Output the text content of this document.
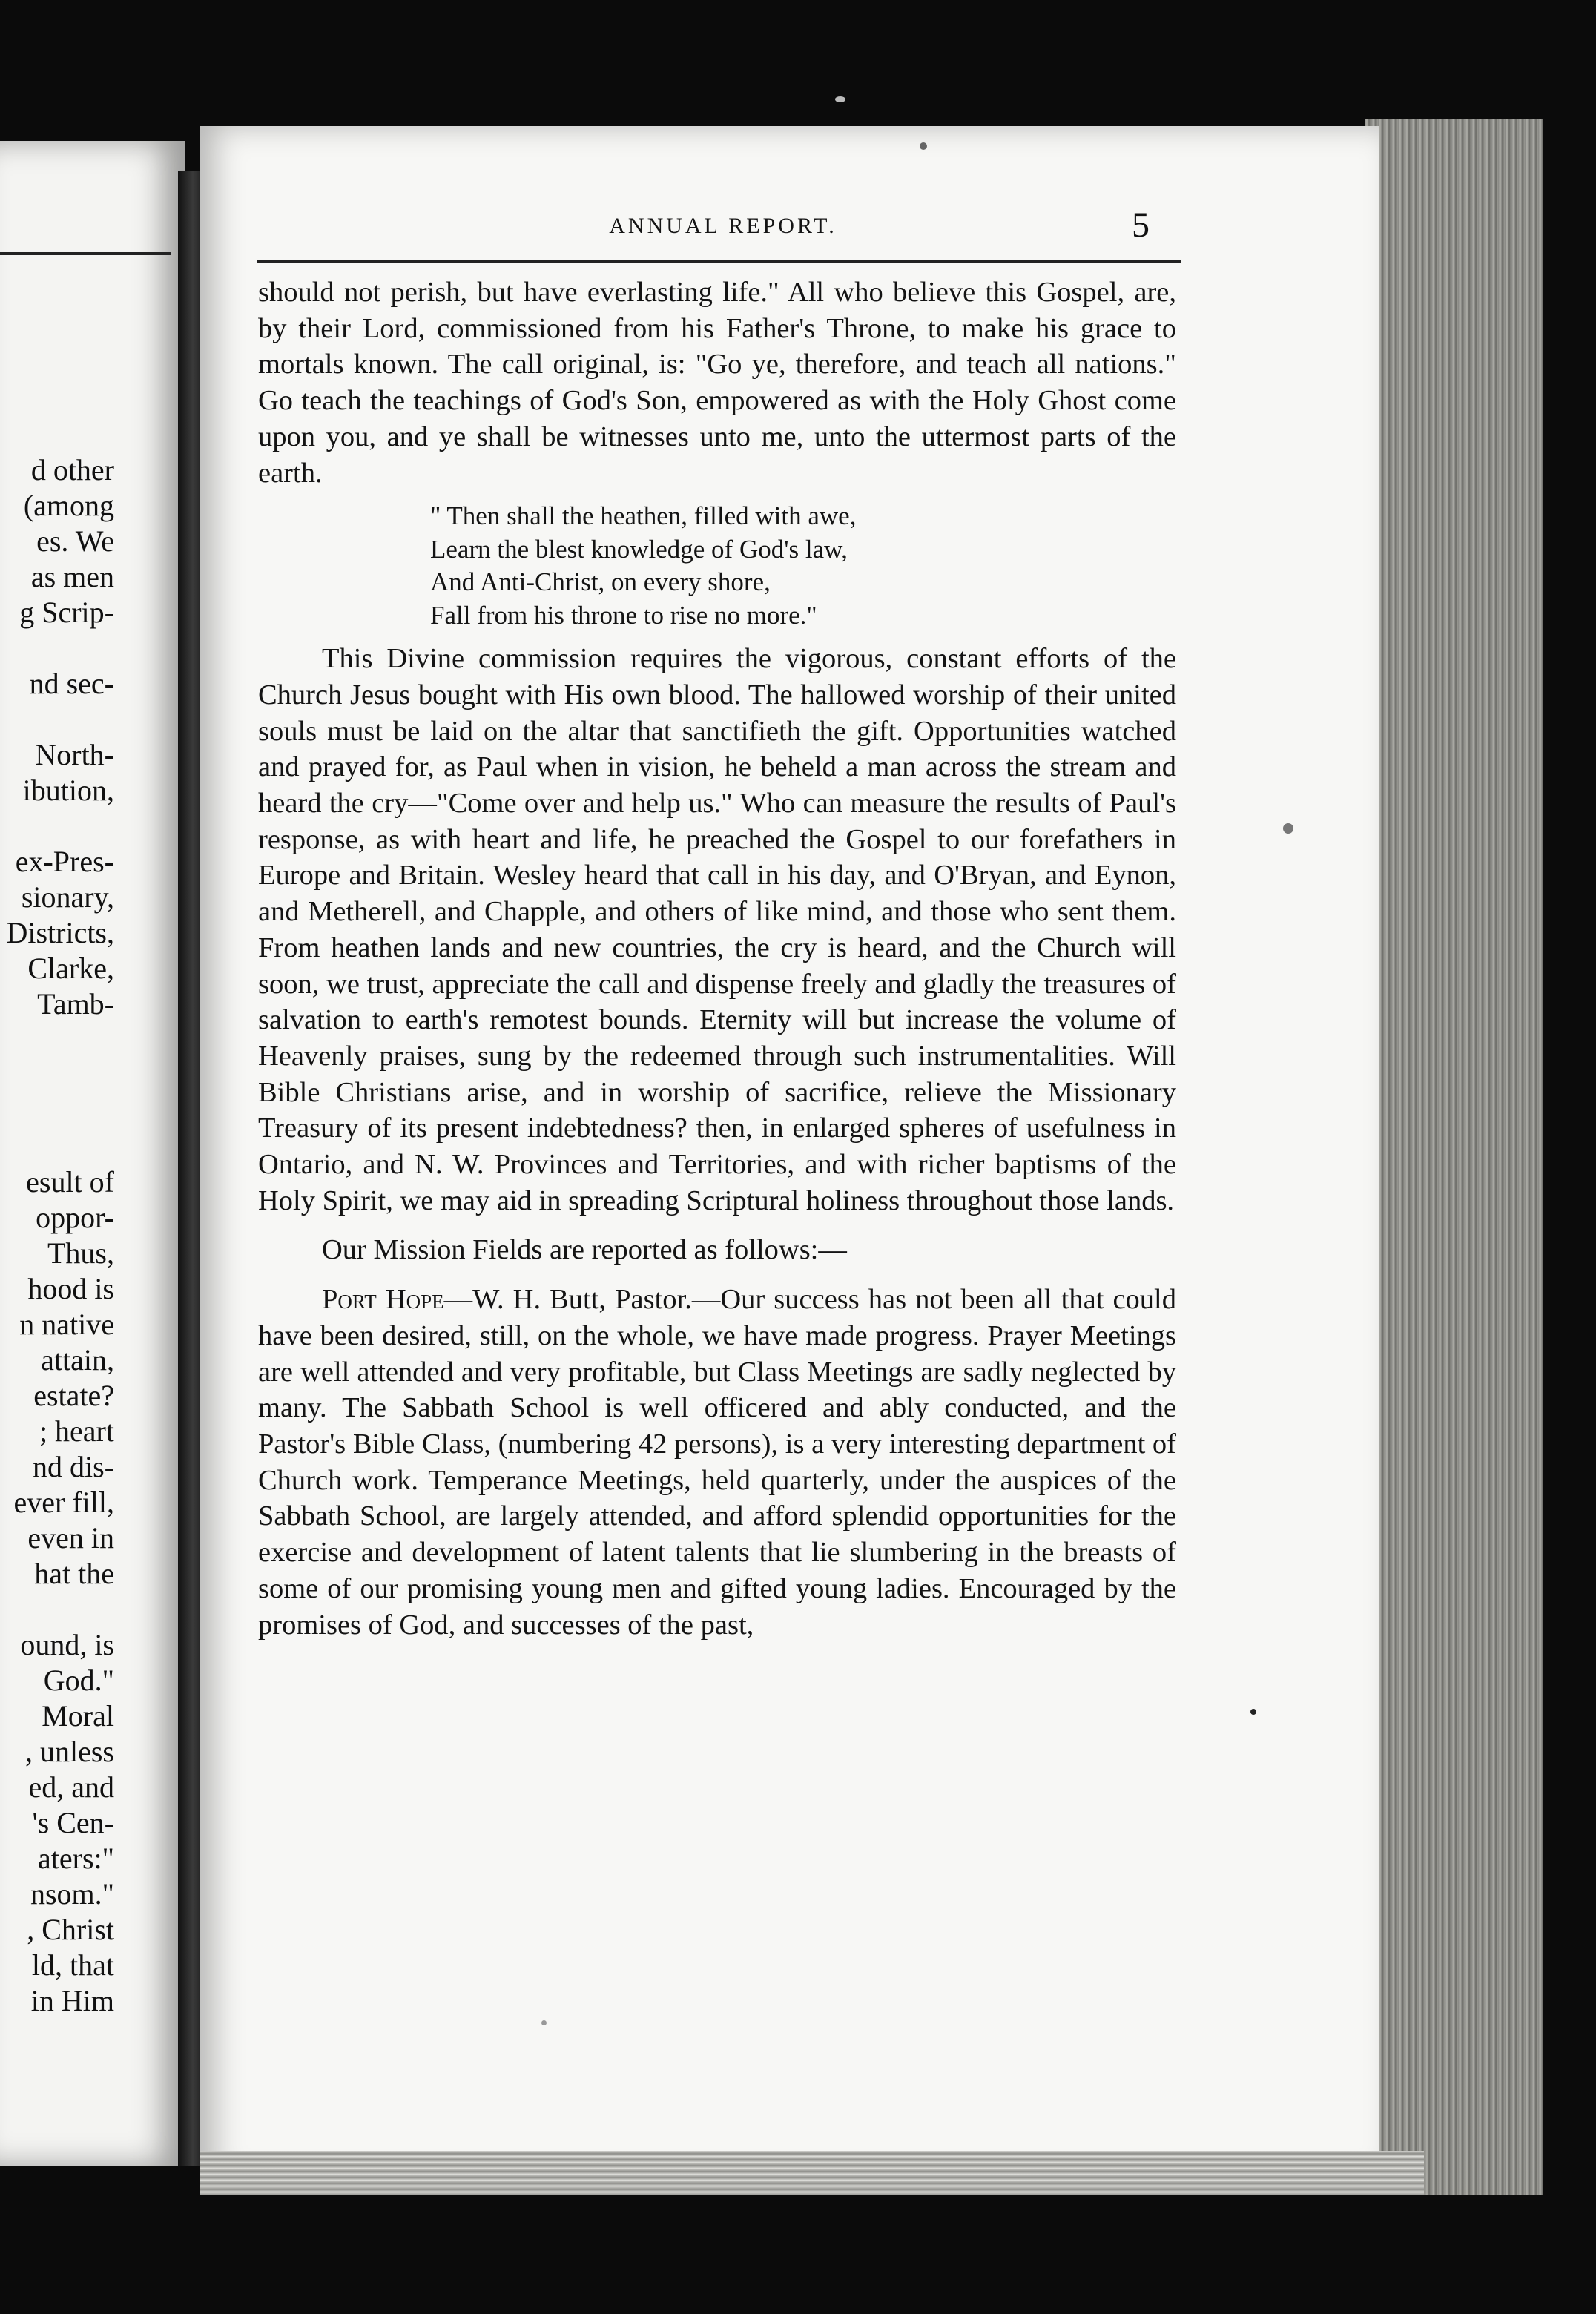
d other
(among
es. We
as men
g Scrip-
nd sec-
North-
ibution,
ex-Pres-
sionary,
Districts,
Clarke,
Tamb-
esult of
oppor-
Thus,
hood is
n native
attain,
estate?
; heart
nd dis-
ever fill,
even in
hat the
ound, is
God."
Moral
, unless
ed, and
's Cen-
aters:"
nsom."
, Christ
ld, that
in Him
ANNUAL REPORT.	5

should not perish, but have everlasting life." All who believe this Gospel, are, by their Lord, commissioned from his Father's Throne, to make his grace to mortals known. The call original, is: "Go ye, therefore, and teach all nations." Go teach the teachings of God's Son, empowered as with the Holy Ghost come upon you, and ye shall be witnesses unto me, unto the uttermost parts of the earth.

" Then shall the heathen, filled with awe,
Learn the blest knowledge of God's law,
And Anti-Christ, on every shore,
Fall from his throne to rise no more."

This Divine commission requires the vigorous, constant efforts of the Church Jesus bought with His own blood. The hallowed worship of their united souls must be laid on the altar that sanctifieth the gift. Opportunities watched and prayed for, as Paul when in vision, he beheld a man across the stream and heard the cry—"Come over and help us." Who can measure the results of Paul's response, as with heart and life, he preached the Gospel to our forefathers in Europe and Britain. Wesley heard that call in his day, and O'Bryan, and Eynon, and Metherell, and Chapple, and others of like mind, and those who sent them. From heathen lands and new countries, the cry is heard, and the Church will soon, we trust, appreciate the call and dispense freely and gladly the treasures of salvation to earth's remotest bounds. Eternity will but increase the volume of Heavenly praises, sung by the redeemed through such instrumentalities. Will Bible Christians arise, and in worship of sacrifice, relieve the Missionary Treasury of its present indebtedness? then, in enlarged spheres of usefulness in Ontario, and N. W. Provinces and Territories, and with richer baptisms of the Holy Spirit, we may aid in spreading Scriptural holiness throughout those lands.

Our Mission Fields are reported as follows:—

Port Hope—W. H. Butt, Pastor.—Our success has not been all that could have been desired, still, on the whole, we have made progress. Prayer Meetings are well attended and very profitable, but Class Meetings are sadly neglected by many. The Sabbath School is well officered and ably conducted, and the Pastor's Bible Class, (numbering 42 persons), is a very interesting department of Church work. Temperance Meetings, held quarterly, under the auspices of the Sabbath School, are largely attended, and afford splendid opportunities for the exercise and development of latent talents that lie slumbering in the breasts of some of our promising young men and gifted young ladies. Encouraged by the promises of God, and successes of the past,
